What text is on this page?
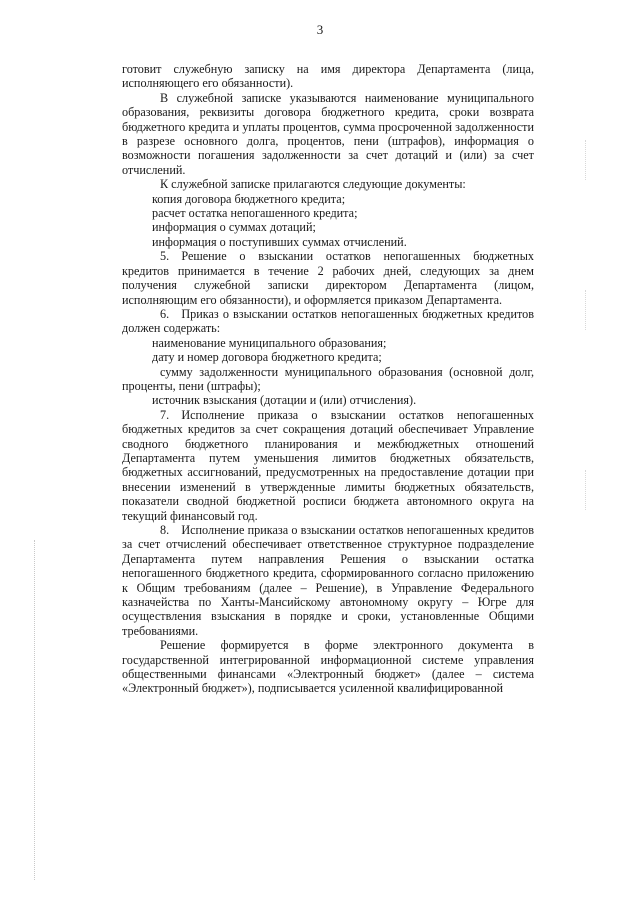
3

готовит служебную записку на имя директора Департамента (лица, исполняющего его обязанности).

В служебной записке указываются наименование муниципального образования, реквизиты договора бюджетного кредита, сроки возврата бюджетного кредита и уплаты процентов, сумма просроченной задолженности в разрезе основного долга, процентов, пени (штрафов), информация о возможности погашения задолженности за счет дотаций и (или) за счет отчислений.

К служебной записке прилагаются следующие документы:

копия договора бюджетного кредита;

расчет остатка непогашенного кредита;

информация о суммах дотаций;

информация о поступивших суммах отчислений.

5. Решение о взыскании остатков непогашенных бюджетных кредитов принимается в течение 2 рабочих дней, следующих за днем получения служебной записки директором Департамента (лицом, исполняющим его обязанности), и оформляется приказом Департамента.

6. Приказ о взыскании остатков непогашенных бюджетных кредитов должен содержать:

наименование муниципального образования;

дату и номер договора бюджетного кредита;

сумму задолженности муниципального образования (основной долг, проценты, пени (штрафы);

источник взыскания (дотации и (или) отчисления).

7. Исполнение приказа о взыскании остатков непогашенных бюджетных кредитов за счет сокращения дотаций обеспечивает Управление сводного бюджетного планирования и межбюджетных отношений Департамента путем уменьшения лимитов бюджетных обязательств, бюджетных ассигнований, предусмотренных на предоставление дотации при внесении изменений в утвержденные лимиты бюджетных обязательств, показатели сводной бюджетной росписи бюджета автономного округа на текущий финансовый год.

8. Исполнение приказа о взыскании остатков непогашенных кредитов за счет отчислений обеспечивает ответственное структурное подразделение Департамента путем направления Решения о взыскании остатка непогашенного бюджетного кредита, сформированного согласно приложению к Общим требованиям (далее – Решение), в Управление Федерального казначейства по Ханты-Мансийскому автономному округу – Югре для осуществления взыскания в порядке и сроки, установленные Общими требованиями.

Решение формируется в форме электронного документа в государственной интегрированной информационной системе управления общественными финансами «Электронный бюджет» (далее – система «Электронный бюджет»), подписывается усиленной квалифицированной
